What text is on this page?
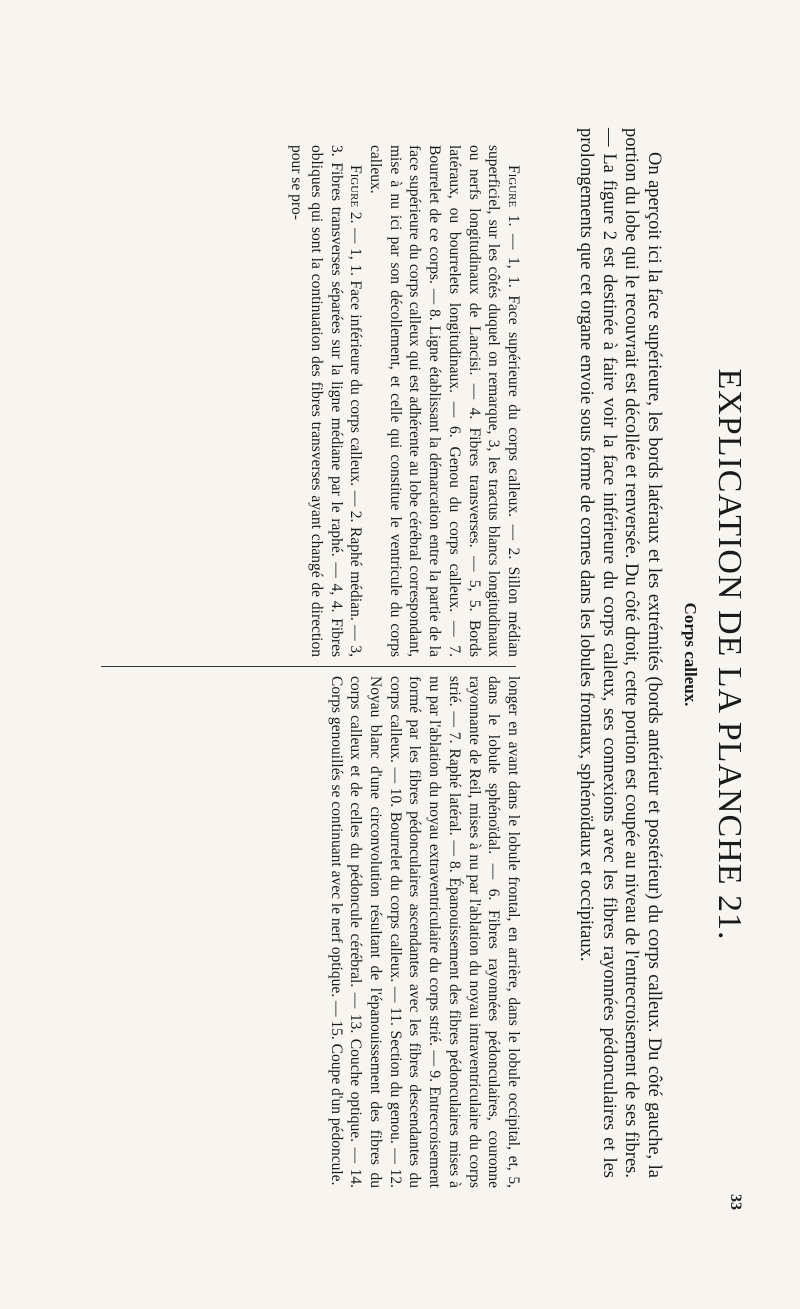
EXPLICATION DE LA PLANCHE 21.
Corps calleux.
33

On aperçoit ici la face supérieure, les bords latéraux et les extrémités (bords antérieur et postérieur) du corps calleux. Du côté gauche, la portion du lobe qui le recouvrait est décollée et renversée. Du côté droit, cette portion est coupée au niveau de l'entrecroisement de ses fibres. — La figure 2 est destinée à faire voir la face inférieure du corps calleux, ses connexions avec les fibres rayonnées pédonculaires et les prolongements que cet organe envoie sous forme de cornes dans les lobules frontaux, sphénoïdaux et occipitaux.

Figure 1. — 1, 1. Face supérieure du corps calleux. — 2. Sillon médian superficiel, sur les côtés duquel on remarque, 3, les tractus blancs longitudinaux ou nerfs longitudinaux de Lancisi. — 4. Fibres transverses. — 5, 5. Bords latéraux, ou bourrelets longitudinaux. — 6. Genou du corps calleux. — 7. Bourrelet de ce corps. — 8. Ligne établissant la démarcation entre la partie de la face supérieure du corps calleux qui est adhérente au lobe cérébral correspondant, mise à nu ici par son décollement, et celle qui constitue le ventricule du corps calleux.
Figure 2. — 1, 1. Face inférieure du corps calleux. — 2. Raphé médian. — 3, 3. Fibres transverses séparées sur la ligne médiane par le raphé. — 4, 4. Fibres obliques qui sont la continuation des fibres transverses ayant changé de direction pour se pro-
longer en avant dans le lobule frontal, en arrière, dans le lobule occipital, et, 5, dans le lobule sphénoïdal. — 6. Fibres rayonnées pédonculaires, couronne rayonnante de Reil, mises à nu par l'ablation du noyau intraventriculaire du corps strié. — 7. Raphé latéral. — 8. Épanouissement des fibres pédonculaires mises à nu par l'ablation du noyau extraventriculaire du corps strié. — 9. Entrecroisement formé par les fibres pédonculaires ascendantes avec les fibres descendantes du corps calleux. — 10. Bourrelet du corps calleux. — 11. Section du genou. — 12. Noyau blanc d'une circonvolution résultant de l'épanouissement des fibres du corps calleux et de celles du pédoncule cérébral. — 13. Couche optique. — 14. Corps genouillés se continuant avec le nerf optique. — 15. Coupe d'un pédoncule.
